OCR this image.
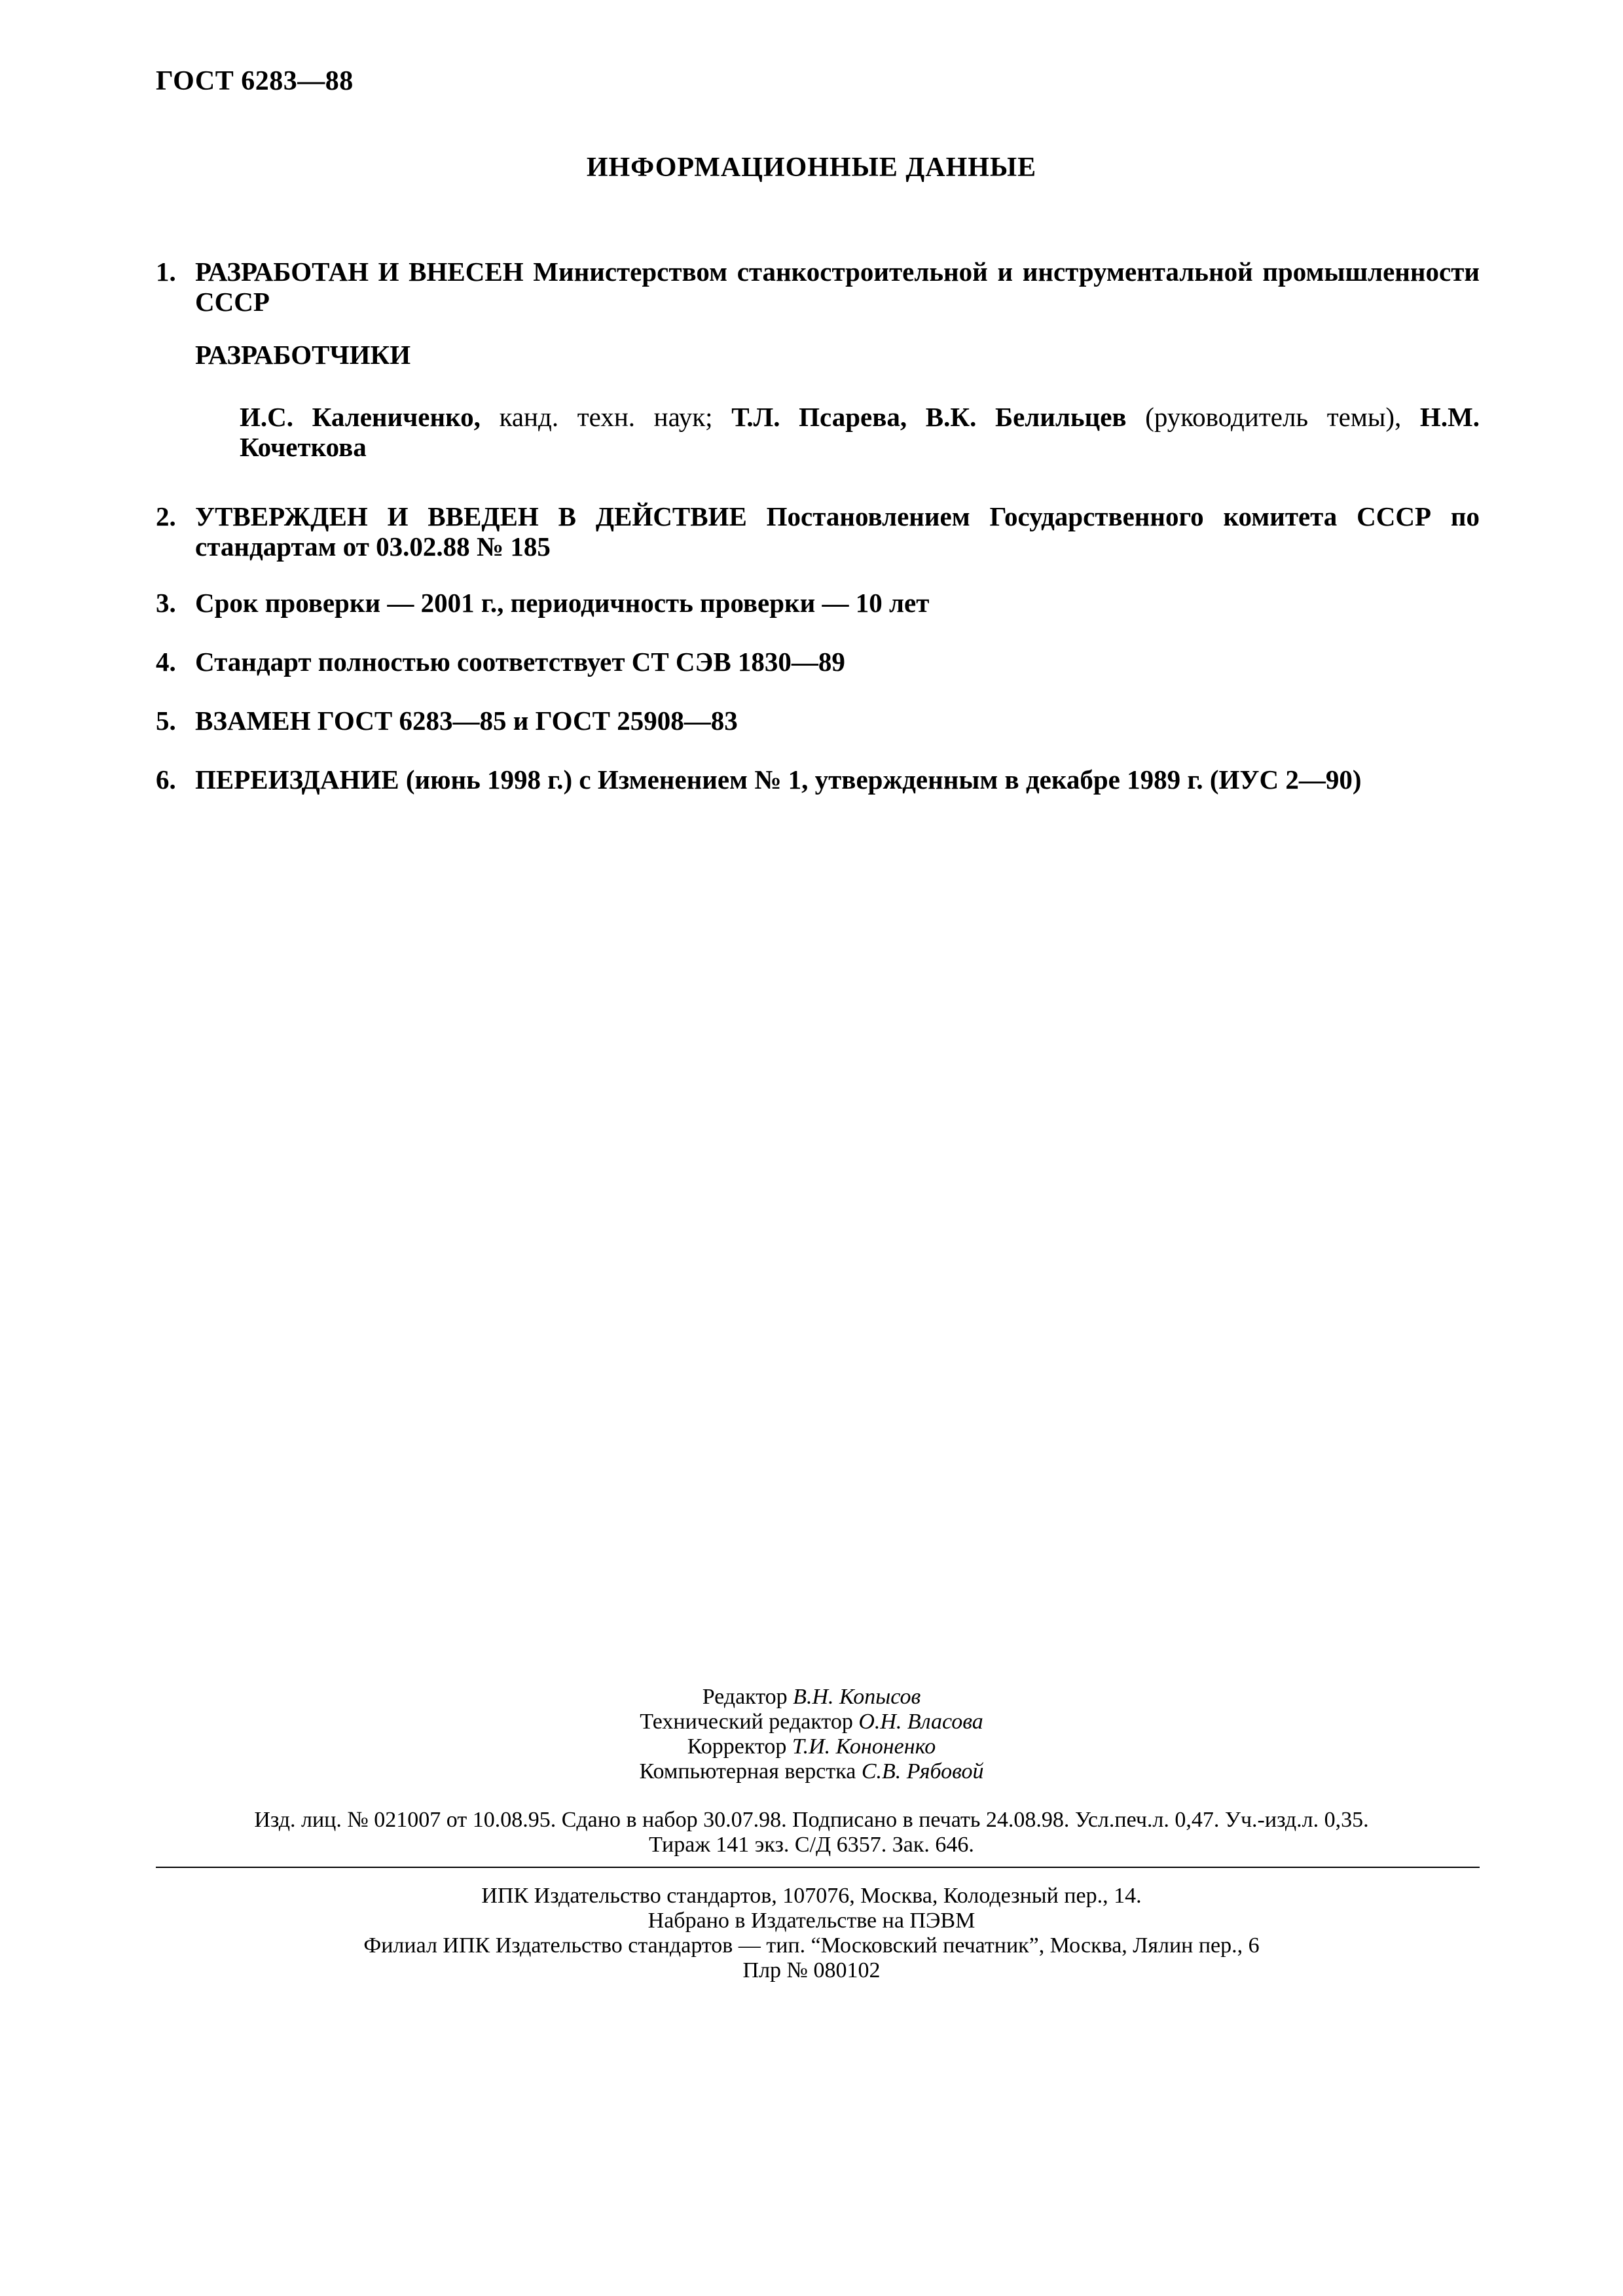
ГОСТ 6283—88
ИНФОРМАЦИОННЫЕ ДАННЫЕ
1. РАЗРАБОТАН И ВНЕСЕН Министерством станкостроительной и инструментальной промышленности СССР
РАЗРАБОТЧИКИ
И.С. Калениченко, канд. техн. наук; Т.Л. Псарева, В.К. Белильцев (руководитель темы), Н.М. Кочеткова
2. УТВЕРЖДЕН И ВВЕДЕН В ДЕЙСТВИЕ Постановлением Государственного комитета СССР по стандартам от 03.02.88 № 185
3. Срок проверки — 2001 г., периодичность проверки — 10 лет
4. Стандарт полностью соответствует СТ СЭВ 1830—89
5. ВЗАМЕН ГОСТ 6283—85 и ГОСТ 25908—83
6. ПЕРЕИЗДАНИЕ (июнь 1998 г.) с Изменением № 1, утвержденным в декабре 1989 г. (ИУС 2—90)
Редактор В.Н. Копысов
Технический редактор О.Н. Власова
Корректор Т.И. Кононенко
Компьютерная верстка С.В. Рябовой
Изд. лиц. № 021007 от 10.08.95. Сдано в набор 30.07.98. Подписано в печать 24.08.98. Усл.печ.л. 0,47. Уч.-изд.л. 0,35.
Тираж 141 экз. С/Д 6357. Зак. 646.
ИПК Издательство стандартов, 107076, Москва, Колодезный пер., 14.
Набрано в Издательстве на ПЭВМ
Филиал ИПК Издательство стандартов — тип. “Московский печатник”, Москва, Лялин пер., 6
Плр № 080102
